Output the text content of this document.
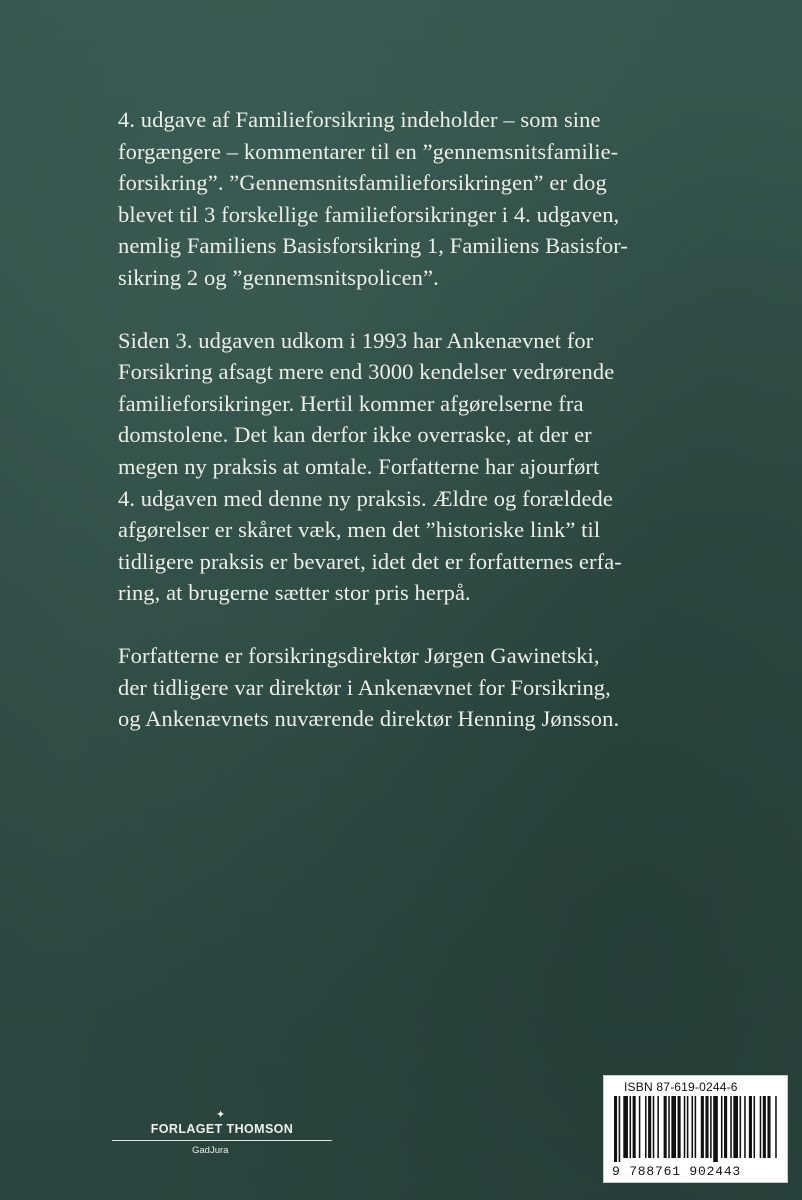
4. udgave af Familieforsikring indeholder – som sine
forgængere – kommentarer til en ”gennemsnitsfamilie-
forsikring”. ”Gennemsnitsfamilieforsikringen” er dog
blevet til 3 forskellige familieforsikringer i 4. udgaven,
nemlig Familiens Basisforsikring 1, Familiens Basisfor-
sikring 2 og ”gennemsnitspolicen”.

Siden 3. udgaven udkom i 1993 har Ankenævnet for
Forsikring afsagt mere end 3000 kendelser vedrørende
familieforsikringer. Hertil kommer afgørelserne fra
domstolene. Det kan derfor ikke overraske, at der er
megen ny praksis at omtale. Forfatterne har ajourført
4. udgaven med denne ny praksis. Ældre og forældede
afgørelser er skåret væk, men det ”historiske link” til
tidligere praksis er bevaret, idet det er forfatternes erfa-
ring, at brugerne sætter stor pris herpå.

Forfatterne er forsikringsdirektør Jørgen Gawinetski,
der tidligere var direktør i Ankenævnet for Forsikring,
og Ankenævnets nuværende direktør Henning Jønsson.

✦
FORLAGET THOMSON
GadJura
ISBN 87-619-0244-6
9 788761 902443
